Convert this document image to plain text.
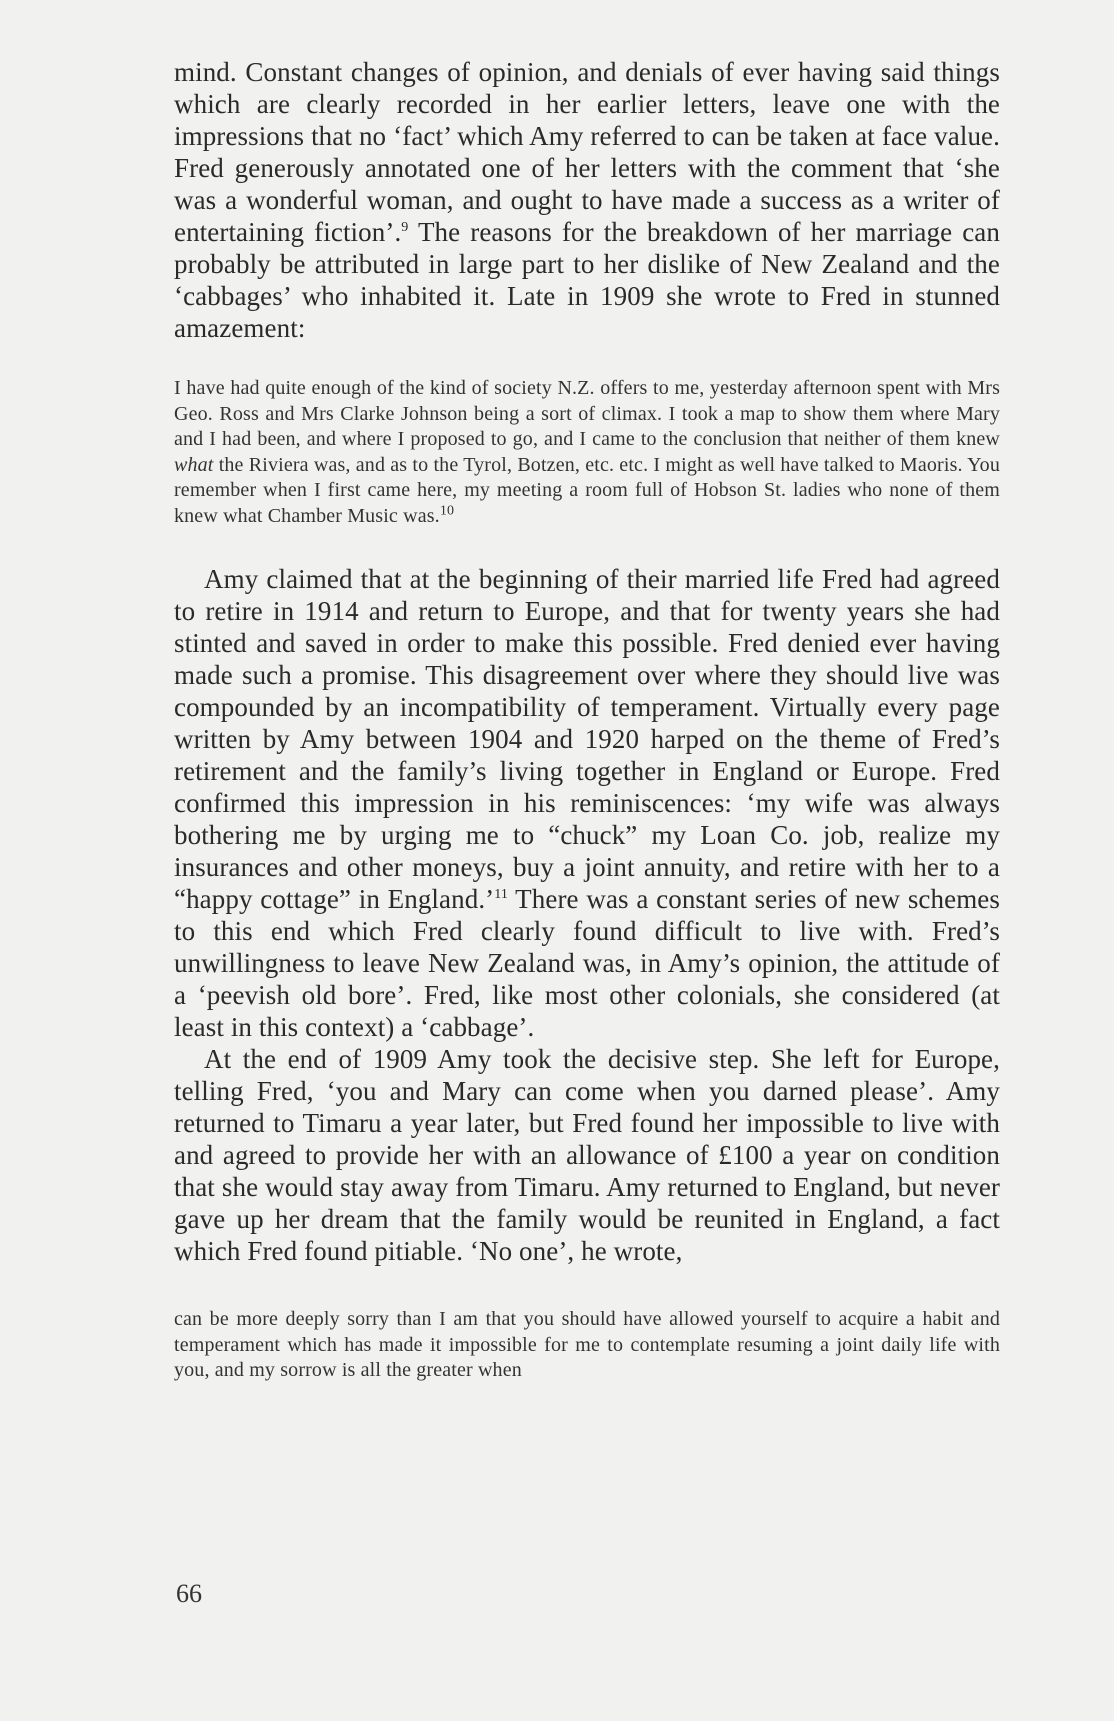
mind. Constant changes of opinion, and denials of ever having said things which are clearly recorded in her earlier letters, leave one with the impressions that no ‘fact’ which Amy referred to can be taken at face value. Fred generously annotated one of her letters with the comment that ‘she was a wonderful woman, and ought to have made a success as a writer of entertaining fiction’.$^9$ The reasons for the breakdown of her marriage can probably be attributed in large part to her dislike of New Zealand and the ‘cabbages’ who inhabited it. Late in 1909 she wrote to Fred in stunned amazement:

I have had quite enough of the kind of society N.Z. offers to me, yesterday afternoon spent with Mrs Geo. Ross and Mrs Clarke Johnson being a sort of climax. I took a map to show them where Mary and I had been, and where I proposed to go, and I came to the conclusion that neither of them knew what the Riviera was, and as to the Tyrol, Botzen, etc. etc. I might as well have talked to Maoris. You remember when I first came here, my meeting a room full of Hobson St. ladies who none of them knew what Chamber Music was.$^{10}$

Amy claimed that at the beginning of their married life Fred had agreed to retire in 1914 and return to Europe, and that for twenty years she had stinted and saved in order to make this possible. Fred denied ever having made such a promise. This disagreement over where they should live was compounded by an incompatibility of temperament. Virtually every page written by Amy between 1904 and 1920 harped on the theme of Fred’s retirement and the family’s living together in England or Europe. Fred confirmed this impression in his reminiscences: ‘my wife was always bothering me by urging me to “chuck” my Loan Co. job, realize my insurances and other moneys, buy a joint annuity, and retire with her to a “happy cottage” in England.’$^{11}$ There was a constant series of new schemes to this end which Fred clearly found difficult to live with. Fred’s unwillingness to leave New Zealand was, in Amy’s opinion, the attitude of a ‘peevish old bore’. Fred, like most other colonials, she considered (at least in this context) a ‘cabbage’.

At the end of 1909 Amy took the decisive step. She left for Europe, telling Fred, ‘you and Mary can come when you darned please’. Amy returned to Timaru a year later, but Fred found her impossible to live with and agreed to provide her with an allowance of £100 a year on condition that she would stay away from Timaru. Amy returned to England, but never gave up her dream that the family would be reunited in England, a fact which Fred found pitiable. ‘No one’, he wrote,

can be more deeply sorry than I am that you should have allowed yourself to acquire a habit and temperament which has made it impossible for me to contemplate resuming a joint daily life with you, and my sorrow is all the greater when

66
